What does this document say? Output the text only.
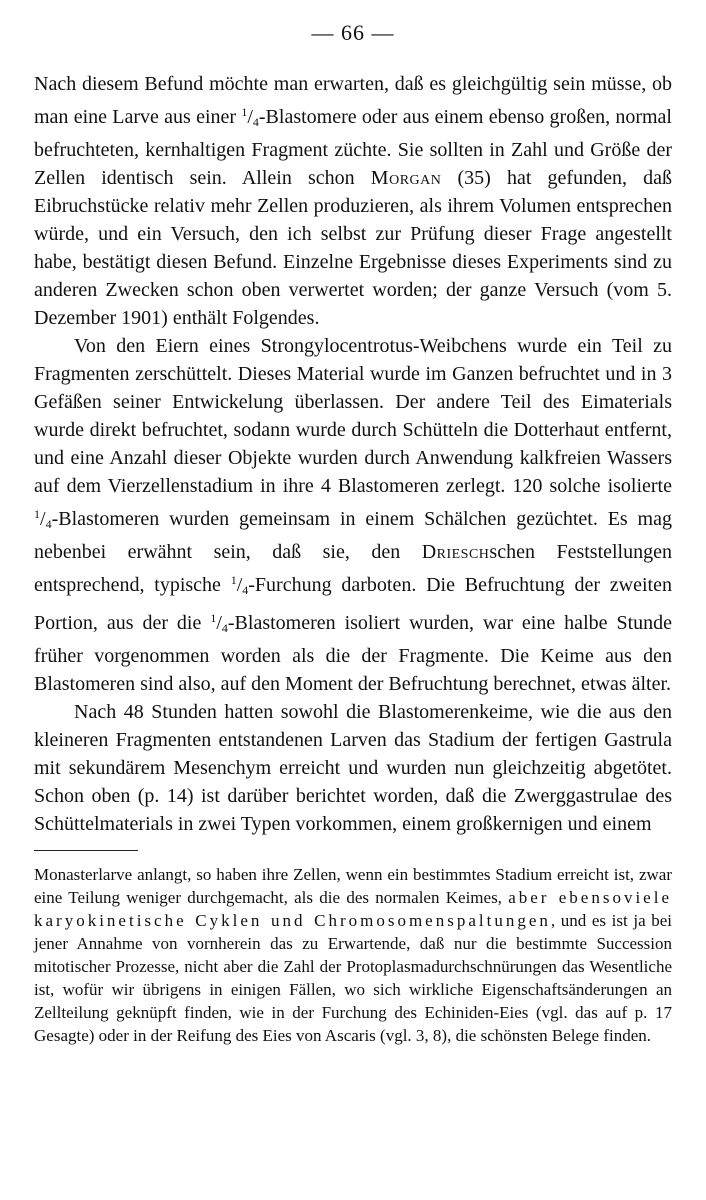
— 66 —

Nach diesem Befund möchte man erwarten, daß es gleichgültig sein müsse, ob man eine Larve aus einer $^1/_4$-Blastomere oder aus einem ebenso großen, normal befruchteten, kernhaltigen Fragment züchte. Sie sollten in Zahl und Größe der Zellen identisch sein. Allein schon Morgan (35) hat gefunden, daß Eibruchstücke relativ mehr Zellen produzieren, als ihrem Volumen entsprechen würde, und ein Versuch, den ich selbst zur Prüfung dieser Frage angestellt habe, bestätigt diesen Befund. Einzelne Ergebnisse dieses Experiments sind zu anderen Zwecken schon oben verwertet worden; der ganze Versuch (vom 5. Dezember 1901) enthält Folgendes.

Von den Eiern eines Strongylocentrotus-Weibchens wurde ein Teil zu Fragmenten zerschüttelt. Dieses Material wurde im Ganzen befruchtet und in 3 Gefäßen seiner Entwickelung überlassen. Der andere Teil des Eimaterials wurde direkt befruchtet, sodann wurde durch Schütteln die Dotterhaut entfernt, und eine Anzahl dieser Objekte wurden durch Anwendung kalkfreien Wassers auf dem Vierzellenstadium in ihre 4 Blastomeren zerlegt. 120 solche isolierte $^1/_4$-Blastomeren wurden gemeinsam in einem Schälchen gezüchtet. Es mag nebenbei erwähnt sein, daß sie, den Drieschschen Feststellungen entsprechend, typische $^1/_4$-Furchung darboten. Die Befruchtung der zweiten Portion, aus der die $^1/_4$-Blastomeren isoliert wurden, war eine halbe Stunde früher vorgenommen worden als die der Fragmente. Die Keime aus den Blastomeren sind also, auf den Moment der Befruchtung berechnet, etwas älter.

Nach 48 Stunden hatten sowohl die Blastomerenkeime, wie die aus den kleineren Fragmenten entstandenen Larven das Stadium der fertigen Gastrula mit sekundärem Mesenchym erreicht und wurden nun gleichzeitig abgetötet. Schon oben (p. 14) ist darüber berichtet worden, daß die Zwerggastrulae des Schüttelmaterials in zwei Typen vorkommen, einem großkernigen und einem

Monasterlarve anlangt, so haben ihre Zellen, wenn ein bestimmtes Stadium erreicht ist, zwar eine Teilung weniger durchgemacht, als die des normalen Keimes, aber ebensoviele karyokinetische Cyklen und Chromosomenspaltungen, und es ist ja bei jener Annahme von vornherein das zu Erwartende, daß nur die bestimmte Succession mitotischer Prozesse, nicht aber die Zahl der Protoplasmadurchschnürungen das Wesentliche ist, wofür wir übrigens in einigen Fällen, wo sich wirkliche Eigenschaftsänderungen an Zellteilung geknüpft finden, wie in der Furchung des Echiniden-Eies (vgl. das auf p. 17 Gesagte) oder in der Reifung des Eies von Ascaris (vgl. 3, 8), die schönsten Belege finden.
